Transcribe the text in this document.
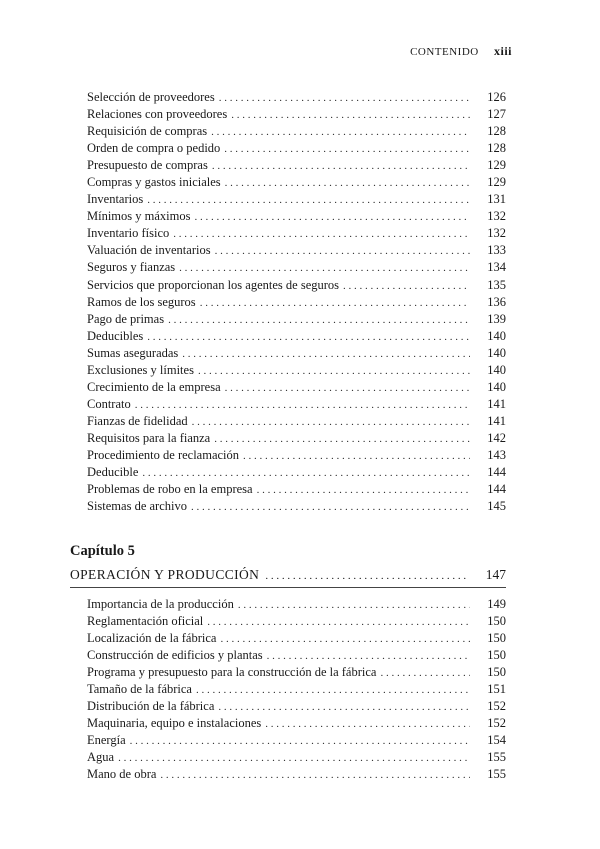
CONTENIDO xiii
Selección de proveedores . . .	126
Relaciones con proveedores . . .	127
Requisición de compras . . .	128
Orden de compra o pedido . . .	128
Presupuesto de compras . . .	129
Compras y gastos iniciales . . .	129
Inventarios . . .	131
Mínimos y máximos . . .	132
Inventario físico . . .	132
Valuación de inventarios . . .	133
Seguros y fianzas . . .	134
Servicios que proporcionan los agentes de seguros . . .	135
Ramos de los seguros . . .	136
Pago de primas . . .	139
Deducibles . . .	140
Sumas aseguradas . . .	140
Exclusiones y límites . . .	140
Crecimiento de la empresa . . .	140
Contrato . . .	141
Fianzas de fidelidad . . .	141
Requisitos para la fianza . . .	142
Procedimiento de reclamación . . .	143
Deducible . . .	144
Problemas de robo en la empresa . . .	144
Sistemas de archivo . . .	145
Capítulo 5
OPERACIÓN Y PRODUCCIÓN . . .	147
Importancia de la producción . . .	149
Reglamentación oficial . . .	150
Localización de la fábrica . . .	150
Construcción de edificios y plantas . . .	150
Programa y presupuesto para la construcción de la fábrica . . .	150
Tamaño de la fábrica . . .	151
Distribución de la fábrica . . .	152
Maquinaria, equipo e instalaciones . . .	152
Energía . . .	154
Agua . . .	155
Mano de obra . . .	155
